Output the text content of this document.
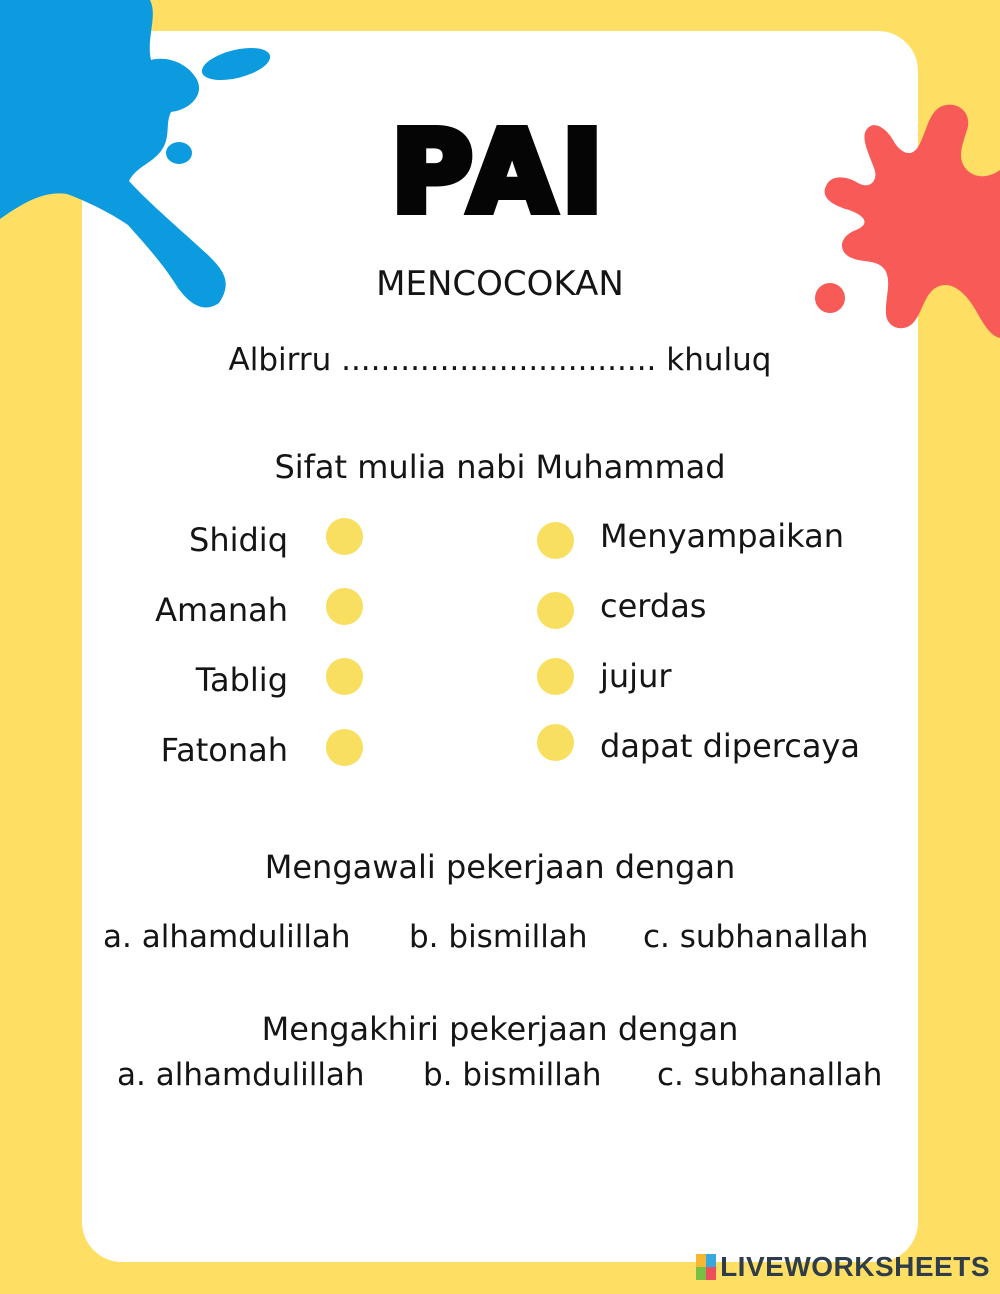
PAI
MENCOCOKAN
Albirru ................................ khuluq
Sifat mulia nabi Muhammad
Shidiq
Amanah
Tablig
Fatonah
Menyampaikan
cerdas
jujur
dapat dipercaya
Mengawali pekerjaan dengan
a. alhamdulillah b. bismillah c. subhanallah
Mengakhiri pekerjaan dengan
a. alhamdulillah b. bismillah c. subhanallah
LIVEWORKSHEETS
